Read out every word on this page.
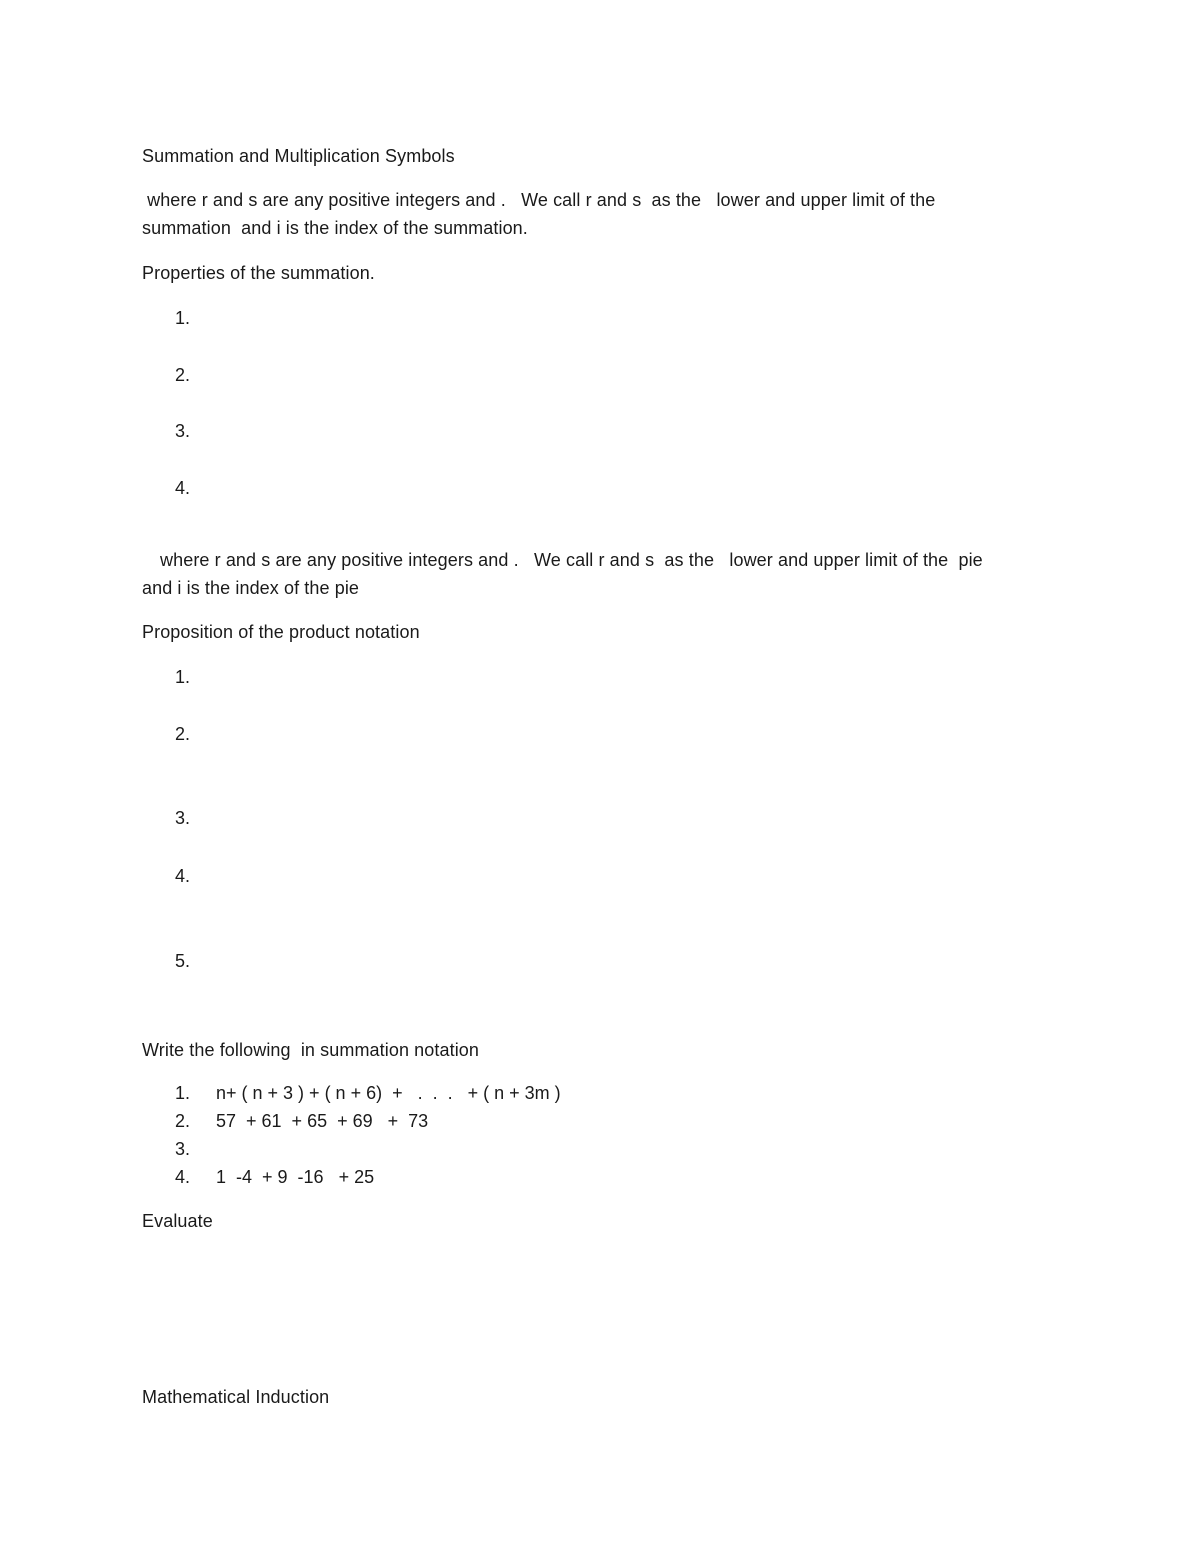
Summation and Multiplication Symbols
where r and s are any positive integers and .   We call r and s  as the   lower and upper limit of the
summation  and i is the index of the summation.
Properties of the summation.
1.
2.
3.
4.
where r and s are any positive integers and .   We call r and s  as the   lower and upper limit of the  pie
and i is the index of the pie
Proposition of the product notation
1.
2.
3.
4.
5.
Write the following  in summation notation
1. n+ ( n + 3 ) + ( n + 6)  +   .  .  .   + ( n + 3m )
2. 57  + 61  + 65  + 69   +  73
3.
4. 1  -4  + 9  -16   + 25
Evaluate
Mathematical Induction
